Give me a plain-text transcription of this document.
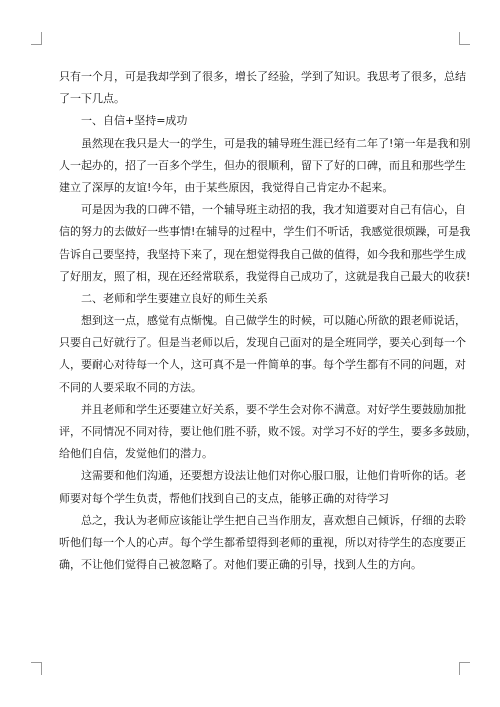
只有一个月，可是我却学到了很多，增长了经验，学到了知识。我思考了很多，总结
了一下几点。
一、自信+坚持=成功
虽然现在我只是大一的学生，可是我的辅导班生涯已经有二年了!第一年是我和别
人一起办的，招了一百多个学生，但办的很顺利，留下了好的口碑，而且和那些学生
建立了深厚的友谊!今年，由于某些原因，我觉得自己肯定办不起来。
可是因为我的口碑不错，一个辅导班主动招的我，我才知道要对自己有信心，自
信的努力的去做好一些事情!在辅导的过程中，学生们不听话，我感觉很烦躁，可是我
告诉自己要坚持，我坚持下来了，现在想觉得我自己做的值得，如今我和那些学生成
了好朋友，照了相，现在还经常联系，我觉得自己成功了，这就是我自己最大的收获!
二、老师和学生要建立良好的师生关系
想到这一点，感觉有点惭愧。自己做学生的时候，可以随心所欲的跟老师说话，
只要自己好就行了。但是当老师以后，发现自己面对的是全班同学，要关心到每一个
人，要耐心对待每一个人，这可真不是一件简单的事。每个学生都有不同的问题，对
不同的人要采取不同的方法。
并且老师和学生还要建立好关系，要不学生会对你不满意。对好学生要鼓励加批
评，不同情况不同对待，要让他们胜不骄，败不馁。对学习不好的学生，要多多鼓励，
给他们自信，发觉他们的潜力。
这需要和他们沟通，还要想方设法让他们对你心服口服，让他们肯听你的话。老
师要对每个学生负责，帮他们找到自己的支点，能够正确的对待学习
总之，我认为老师应该能让学生把自己当作朋友，喜欢想自己倾诉，仔细的去聆
听他们每一个人的心声。每个学生都希望得到老师的重视，所以对待学生的态度要正
确，不让他们觉得自己被忽略了。对他们要正确的引导，找到人生的方向。
